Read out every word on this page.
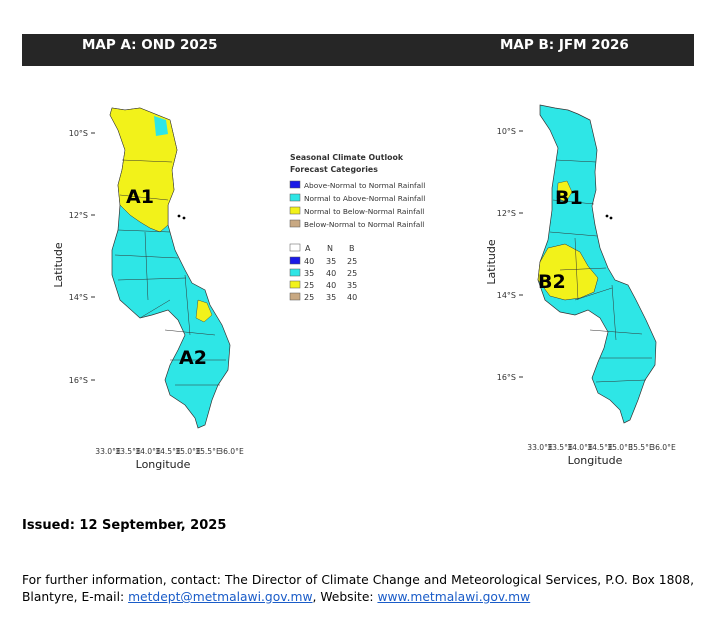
MAP A: OND 2025	MAP B: JFM 2026
10°S
12°S
14°S
16°S
33.0°E
33.5°E
34.0°E
34.5°E
35.0°E
35.5°E
36.0°E
Longitude
Latitude
A1
A2
Seasonal Climate Outlook
Forecast Categories
Above-Normal to Normal Rainfall
Normal to Above-Normal Rainfall
Normal to Below-Normal Rainfall
Below-Normal to Normal Rainfall
A N B
40 35 25
35 40 25
25 40 35
25 35 40
10°S
12°S
14°S
16°S
33.0°E
33.5°E
34.0°E
34.5°E
35.0°E
35.5°E
36.0°E
Longitude
Latitude
B1
B2
Issued: 12 September, 2025
For further information, contact: The Director of Climate Change and Meteorological Services, P.O. Box 1808, Blantyre, E-mail: metdept@metmalawi.gov.mw, Website: www.metmalawi.gov.mw
